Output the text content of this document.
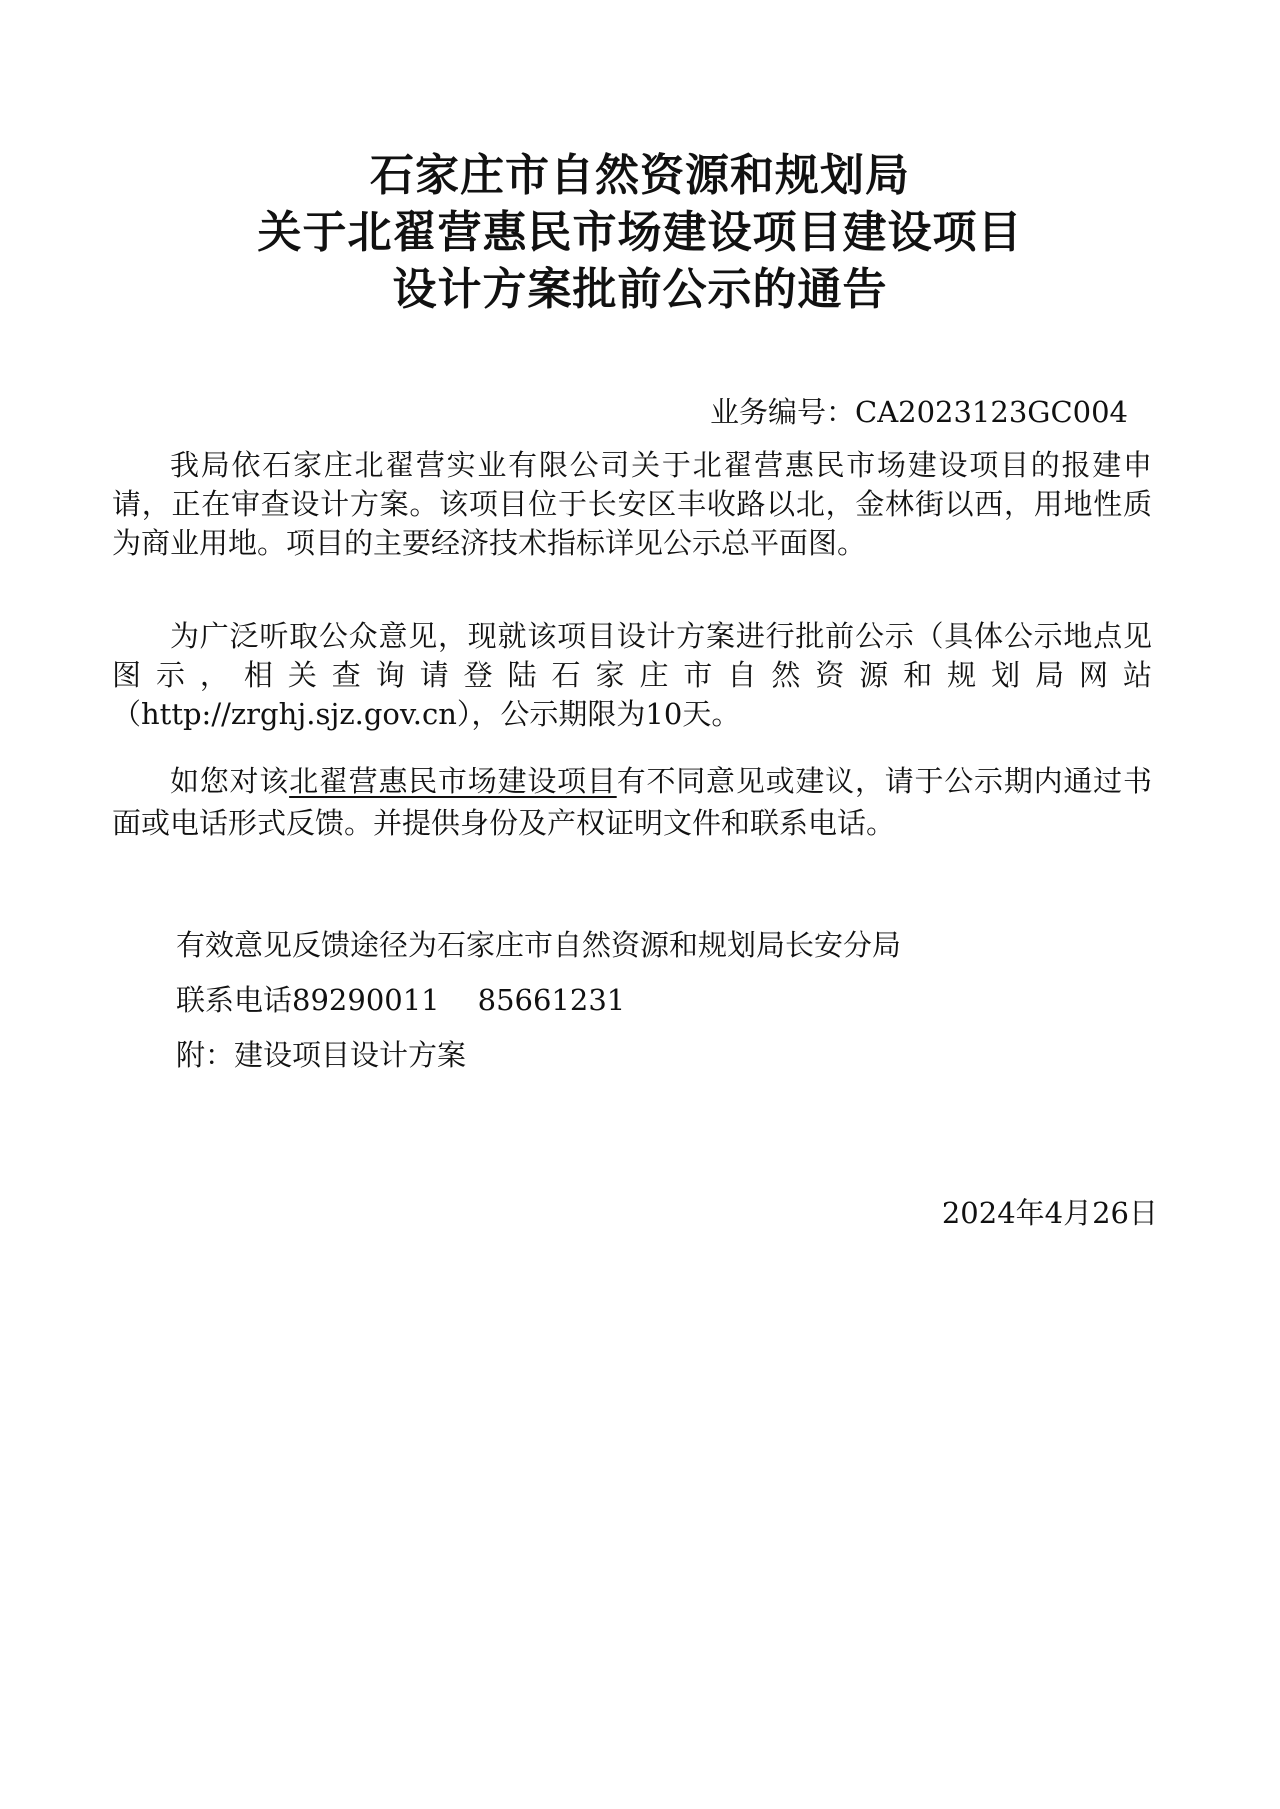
石家庄市自然资源和规划局
关于北翟营惠民市场建设项目建设项目
设计方案批前公示的通告
业务编号：CA2023123GC004

我局依石家庄北翟营实业有限公司关于北翟营惠民市场建设项目的报建申请，正在审查设计方案。该项目位于长安区丰收路以北，金林街以西，用地性质为商业用地。项目的主要经济技术指标详见公示总平面图。

为广泛听取公众意见，现就该项目设计方案进行批前公示（具体公示地点见图示，相关查询请登陆石家庄市自然资源和规划局网站（http://zrghj.sjz.gov.cn），公示期限为10天。

如您对该北翟营惠民市场建设项目有不同意见或建议，请于公示期内通过书面或电话形式反馈。并提供身份及产权证明文件和联系电话。

有效意见反馈途径为石家庄市自然资源和规划局长安分局

联系电话89290011 85661231

附：建设项目设计方案

2024年4月26日
